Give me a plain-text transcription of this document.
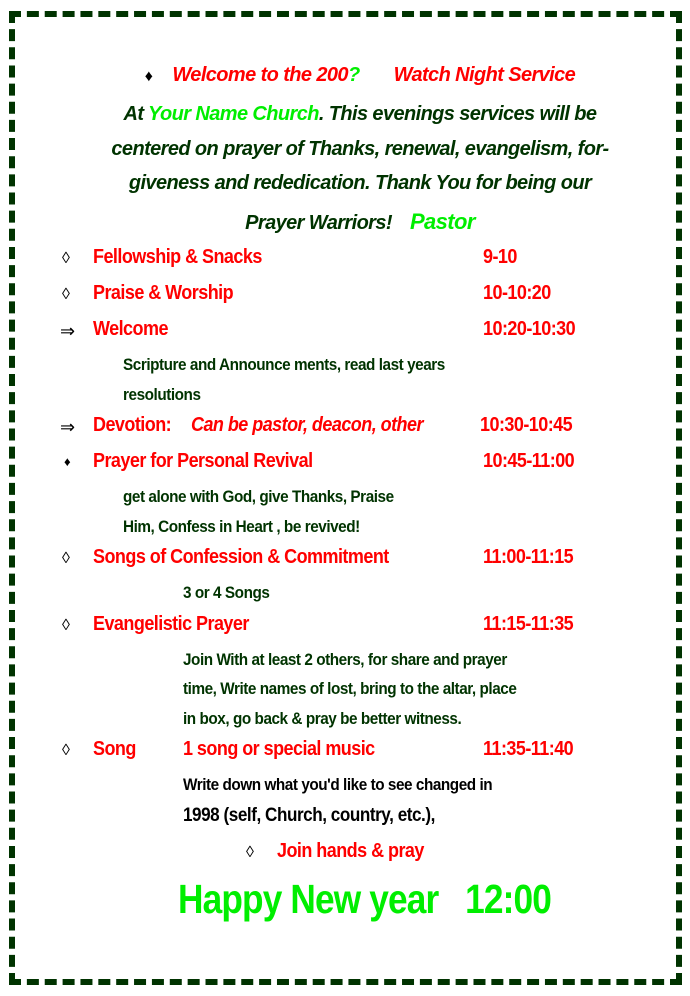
♦ Welcome to the 200? Watch Night Service
At Your Name Church. This evenings services will be
centered on prayer of Thanks, renewal, evangelism, for-
giveness and rededication. Thank You for being our
Prayer Warriors! Pastor
◊ Fellowship & Snacks	9-10
◊ Praise & Worship	10-10:20
⇒ Welcome	10:20-10:30
Scripture and Announce ments, read last years
resolutions
⇒ Devotion: Can be pastor, deacon, other	10:30-10:45
♦ Prayer for Personal Revival	10:45-11:00
get alone with God, give Thanks, Praise
Him, Confess in Heart , be revived!
◊ Songs of Confession & Commitment	11:00-11:15
3 or 4 Songs
◊ Evangelistic Prayer	11:15-11:35
Join With at least 2 others, for share and prayer
time, Write names of lost, bring to the altar, place
in box, go back & pray be better witness.
◊ Song 1 song or special music	11:35-11:40
Write down what you'd like to see changed in
1998 (self, Church, country, etc.),
◊ Join hands & pray
Happy New year   12:00
